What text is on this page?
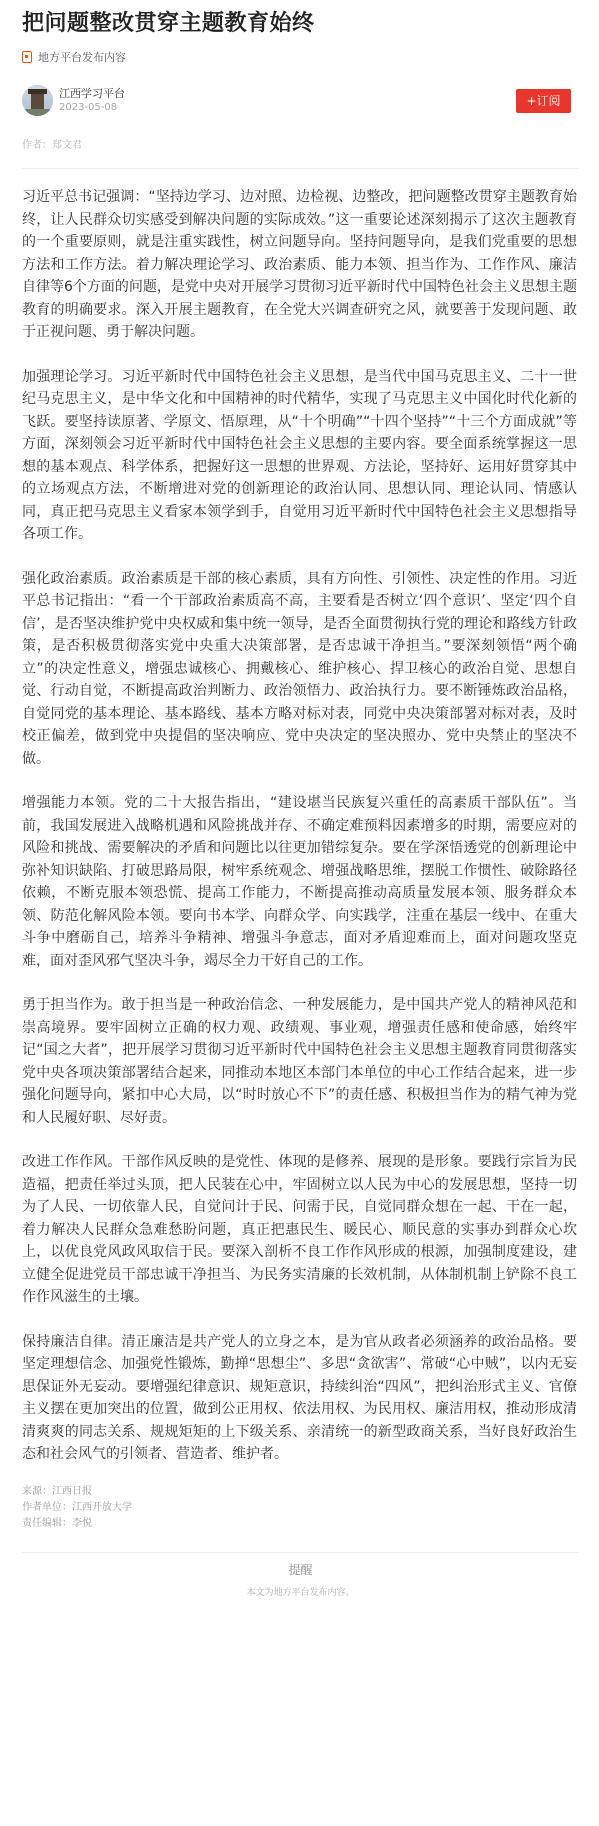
把问题整改贯穿主题教育始终
地方平台发布内容
江西学习平台
2023-05-08	+订阅
作者：郑文君

习近平总书记强调：“坚持边学习、边对照、边检视、边整改，把问题整改贯穿主题教育始终，让人民群众切实感受到解决问题的实际成效。”这一重要论述深刻揭示了这次主题教育的一个重要原则，就是注重实践性，树立问题导向。坚持问题导向，是我们党重要的思想方法和工作方法。着力解决理论学习、政治素质、能力本领、担当作为、工作作风、廉洁自律等6个方面的问题，是党中央对开展学习贯彻习近平新时代中国特色社会主义思想主题教育的明确要求。深入开展主题教育，在全党大兴调查研究之风，就要善于发现问题、敢于正视问题、勇于解决问题。

加强理论学习。习近平新时代中国特色社会主义思想，是当代中国马克思主义、二十一世纪马克思主义，是中华文化和中国精神的时代精华，实现了马克思主义中国化时代化新的飞跃。要坚持读原著、学原文、悟原理，从“十个明确”“十四个坚持”“十三个方面成就”等方面，深刻领会习近平新时代中国特色社会主义思想的主要内容。要全面系统掌握这一思想的基本观点、科学体系，把握好这一思想的世界观、方法论，坚持好、运用好贯穿其中的立场观点方法，不断增进对党的创新理论的政治认同、思想认同、理论认同、情感认同，真正把马克思主义看家本领学到手，自觉用习近平新时代中国特色社会主义思想指导各项工作。

强化政治素质。政治素质是干部的核心素质，具有方向性、引领性、决定性的作用。习近平总书记指出：“看一个干部政治素质高不高，主要看是否树立‘四个意识’、坚定‘四个自信’，是否坚决维护党中央权威和集中统一领导，是否全面贯彻执行党的理论和路线方针政策，是否积极贯彻落实党中央重大决策部署，是否忠诚干净担当。”要深刻领悟“两个确立”的决定性意义，增强忠诚核心、拥戴核心、维护核心、捍卫核心的政治自觉、思想自觉、行动自觉，不断提高政治判断力、政治领悟力、政治执行力。要不断锤炼政治品格，自觉同党的基本理论、基本路线、基本方略对标对表，同党中央决策部署对标对表，及时校正偏差，做到党中央提倡的坚决响应、党中央决定的坚决照办、党中央禁止的坚决不做。

增强能力本领。党的二十大报告指出，“建设堪当民族复兴重任的高素质干部队伍”。当前，我国发展进入战略机遇和风险挑战并存、不确定难预料因素增多的时期，需要应对的风险和挑战、需要解决的矛盾和问题比以往更加错综复杂。要在学深悟透党的创新理论中弥补知识缺陷、打破思路局限，树牢系统观念、增强战略思维，摆脱工作惯性、破除路径依赖，不断克服本领恐慌、提高工作能力，不断提高推动高质量发展本领、服务群众本领、防范化解风险本领。要向书本学、向群众学、向实践学，注重在基层一线中、在重大斗争中磨砺自己，培养斗争精神、增强斗争意志，面对矛盾迎难而上，面对问题攻坚克难，面对歪风邪气坚决斗争，竭尽全力干好自己的工作。

勇于担当作为。敢于担当是一种政治信念、一种发展能力，是中国共产党人的精神风范和崇高境界。要牢固树立正确的权力观、政绩观、事业观，增强责任感和使命感，始终牢记“国之大者”，把开展学习贯彻习近平新时代中国特色社会主义思想主题教育同贯彻落实党中央各项决策部署结合起来，同推动本地区本部门本单位的中心工作结合起来，进一步强化问题导向，紧扣中心大局，以“时时放心不下”的责任感、积极担当作为的精气神为党和人民履好职、尽好责。

改进工作作风。干部作风反映的是党性、体现的是修养、展现的是形象。要践行宗旨为民造福，把责任举过头顶，把人民装在心中，牢固树立以人民为中心的发展思想，坚持一切为了人民、一切依靠人民，自觉问计于民、问需于民，自觉同群众想在一起、干在一起，着力解决人民群众急难愁盼问题，真正把惠民生、暖民心、顺民意的实事办到群众心坎上，以优良党风政风取信于民。要深入剖析不良工作作风形成的根源，加强制度建设，建立健全促进党员干部忠诚干净担当、为民务实清廉的长效机制，从体制机制上铲除不良工作作风滋生的土壤。

保持廉洁自律。清正廉洁是共产党人的立身之本，是为官从政者必须涵养的政治品格。要坚定理想信念、加强党性锻炼，勤掸“思想尘”、多思“贪欲害”、常破“心中贼”，以内无妄思保证外无妄动。要增强纪律意识、规矩意识，持续纠治“四风”，把纠治形式主义、官僚主义摆在更加突出的位置，做到公正用权、依法用权、为民用权、廉洁用权，推动形成清清爽爽的同志关系、规规矩矩的上下级关系、亲清统一的新型政商关系，当好良好政治生态和社会风气的引领者、营造者、维护者。

来源：江西日报
作者单位：江西开放大学
责任编辑：李悦
提醒
本文为地方平台发布内容。
